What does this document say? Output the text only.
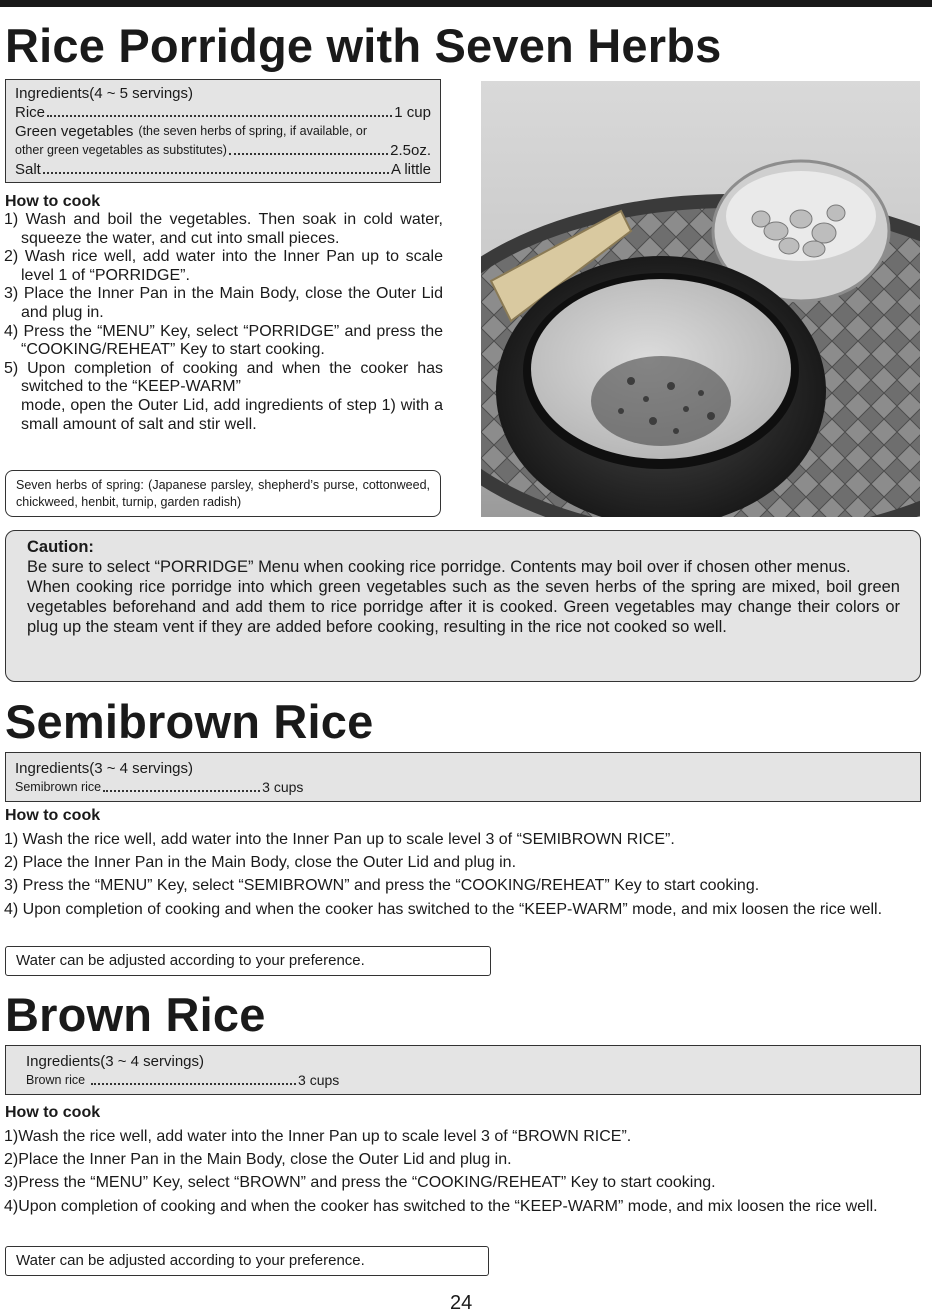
Rice Porridge with Seven Herbs
Ingredients(4 ~ 5 servings)
Rice	1 cup
Green vegetables (the seven herbs of spring, if available, or
other green vegetables as substitutes)	2.5oz.
Salt	A little
How to cook

1) Wash and boil the vegetables. Then soak in cold water, squeeze the water, and cut into small pieces.

2) Wash rice well, add water into the Inner Pan up to scale level 1 of “PORRIDGE”.

3) Place the Inner Pan in the Main Body, close the Outer Lid and plug in.

4) Press the “MENU” Key, select “PORRIDGE” and press the “COOKING/REHEAT” Key to start cooking.

5) Upon completion of cooking and when the cooker has switched to the “KEEP-WARM”

mode, open the Outer Lid, add ingredients of step 1) with a small amount of salt and stir well.

Seven herbs of spring: (Japanese parsley, shepherd’s purse, cottonweed, chickweed, henbit, turnip, garden radish)
Caution:

Be sure to select “PORRIDGE” Menu when cooking rice porridge. Contents may boil over if chosen other menus.

When cooking rice porridge into which green vegetables such as the seven herbs of the spring are mixed, boil green vegetables beforehand and add them to rice porridge after it is cooked. Green vegetables may change their colors or plug up the steam vent if they are added before cooking, resulting in the rice not cooked so well.

Semibrown Rice
Ingredients(3 ~ 4 servings)
Semibrown rice	3 cups
How to cook

1) Wash the rice well, add water into the Inner Pan up to scale level 3 of “SEMIBROWN RICE”.

2) Place the Inner Pan in the Main Body, close the Outer Lid and plug in.

3) Press the “MENU” Key, select “SEMIBROWN” and press the “COOKING/REHEAT” Key to start cooking.

4) Upon completion of cooking and when the cooker has switched to the “KEEP-WARM” mode, and mix loosen the rice well.

Water can be adjusted according to your preference.
Brown Rice
Ingredients(3 ~ 4 servings)
Brown rice	3 cups
How to cook

1)Wash the rice well, add water into the Inner Pan up to scale level 3 of “BROWN RICE”.

2)Place the Inner Pan in the Main Body, close the Outer Lid and plug in.

3)Press the “MENU” Key, select “BROWN” and press the “COOKING/REHEAT” Key to start cooking.

4)Upon completion of cooking and when the cooker has switched to the “KEEP-WARM” mode, and mix loosen the rice well.

Water can be adjusted according to your preference.
24
